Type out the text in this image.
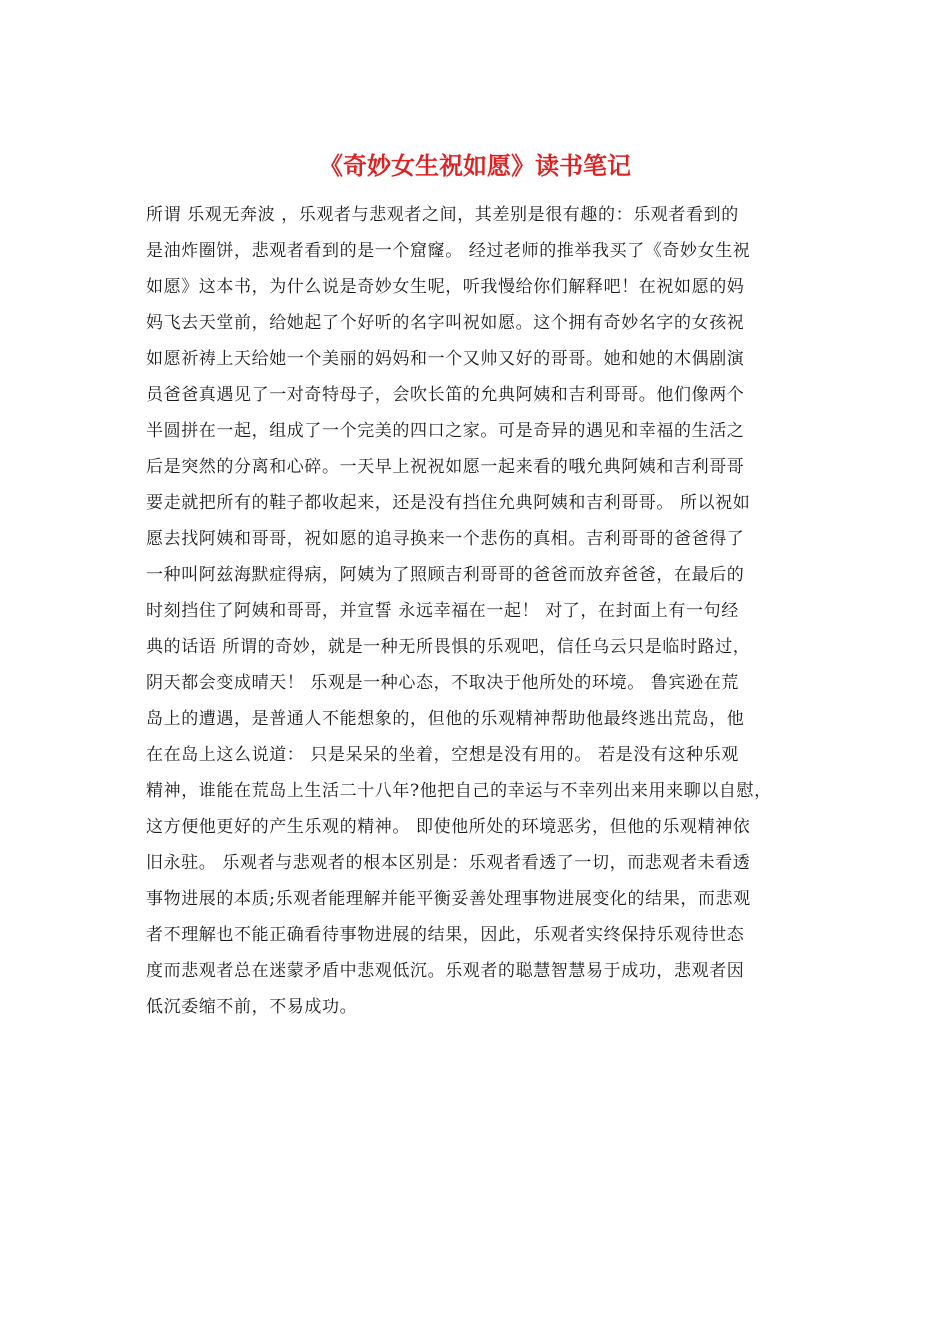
《奇妙女生祝如愿》读书笔记
所谓 乐观无奔波 ，乐观者与悲观者之间，其差别是很有趣的：乐观者看到的
是油炸圈饼，悲观者看到的是一个窟窿。 经过老师的推举我买了《奇妙女生祝
如愿》这本书，为什么说是奇妙女生呢，听我慢给你们解释吧！在祝如愿的妈
妈飞去天堂前，给她起了个好听的名字叫祝如愿。这个拥有奇妙名字的女孩祝
如愿祈祷上天给她一个美丽的妈妈和一个又帅又好的哥哥。她和她的木偶剧演
员爸爸真遇见了一对奇特母子，会吹长笛的允典阿姨和吉利哥哥。他们像两个
半圆拼在一起，组成了一个完美的四口之家。可是奇异的遇见和幸福的生活之
后是突然的分离和心碎。一天早上祝祝如愿一起来看的哦允典阿姨和吉利哥哥
要走就把所有的鞋子都收起来，还是没有挡住允典阿姨和吉利哥哥。 所以祝如
愿去找阿姨和哥哥，祝如愿的追寻换来一个悲伤的真相。吉利哥哥的爸爸得了
一种叫阿兹海默症得病，阿姨为了照顾吉利哥哥的爸爸而放弃爸爸，在最后的
时刻挡住了阿姨和哥哥，并宣誓 永远幸福在一起！ 对了，在封面上有一句经
典的话语 所谓的奇妙，就是一种无所畏惧的乐观吧，信任乌云只是临时路过，
阴天都会变成晴天！ 乐观是一种心态，不取决于他所处的环境。 鲁宾逊在荒
岛上的遭遇，是普通人不能想象的，但他的乐观精神帮助他最终逃出荒岛，他
在在岛上这么说道： 只是呆呆的坐着，空想是没有用的。 若是没有这种乐观
精神，谁能在荒岛上生活二十八年?他把自己的幸运与不幸列出来用来聊以自慰，
这方便他更好的产生乐观的精神。 即使他所处的环境恶劣，但他的乐观精神依
旧永驻。 乐观者与悲观者的根本区别是：乐观者看透了一切，而悲观者未看透
事物进展的本质;乐观者能理解并能平衡妥善处理事物进展变化的结果，而悲观
者不理解也不能正确看待事物进展的结果，因此，乐观者实终保持乐观待世态
度而悲观者总在迷蒙矛盾中悲观低沉。乐观者的聪慧智慧易于成功，悲观者因
低沉委缩不前，不易成功。
